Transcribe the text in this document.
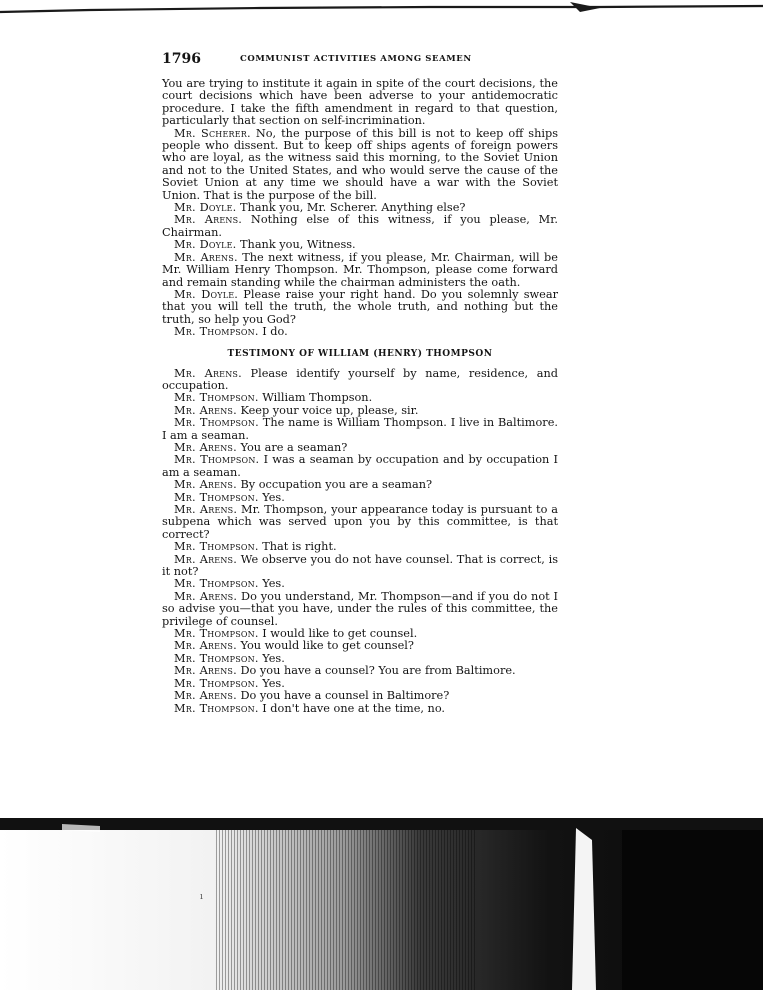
1796	COMMUNIST ACTIVITIES AMONG SEAMEN

You are trying to institute it again in spite of the court decisions, the court decisions which have been adverse to your antidemocratic procedure. I take the fifth amendment in regard to that question, particularly that section on self-incrimination.

Mr. Scherer. No, the purpose of this bill is not to keep off ships people who dissent. But to keep off ships agents of foreign powers who are loyal, as the witness said this morning, to the Soviet Union and not to the United States, and who would serve the cause of the Soviet Union at any time we should have a war with the Soviet Union. That is the purpose of the bill.

Mr. Doyle. Thank you, Mr. Scherer. Anything else?

Mr. Arens. Nothing else of this witness, if you please, Mr. Chairman.

Mr. Doyle. Thank you, Witness.

Mr. Arens. The next witness, if you please, Mr. Chairman, will be Mr. William Henry Thompson. Mr. Thompson, please come forward and remain standing while the chairman administers the oath.

Mr. Doyle. Please raise your right hand. Do you solemnly swear that you will tell the truth, the whole truth, and nothing but the truth, so help you God?

Mr. Thompson. I do.

TESTIMONY OF WILLIAM (HENRY) THOMPSON

Mr. Arens. Please identify yourself by name, residence, and occupation.

Mr. Thompson. William Thompson.

Mr. Arens. Keep your voice up, please, sir.

Mr. Thompson. The name is William Thompson. I live in Baltimore. I am a seaman.

Mr. Arens. You are a seaman?

Mr. Thompson. I was a seaman by occupation and by occupation I am a seaman.

Mr. Arens. By occupation you are a seaman?

Mr. Thompson. Yes.

Mr. Arens. Mr. Thompson, your appearance today is pursuant to a subpena which was served upon you by this committee, is that correct?

Mr. Thompson. That is right.

Mr. Arens. We observe you do not have counsel. That is correct, is it not?

Mr. Thompson. Yes.

Mr. Arens. Do you understand, Mr. Thompson—and if you do not I so advise you—that you have, under the rules of this committee, the privilege of counsel.

Mr. Thompson. I would like to get counsel.

Mr. Arens. You would like to get counsel?

Mr. Thompson. Yes.

Mr. Arens. Do you have a counsel? You are from Baltimore.

Mr. Thompson. Yes.

Mr. Arens. Do you have a counsel in Baltimore?

Mr. Thompson. I don't have one at the time, no.

ı
